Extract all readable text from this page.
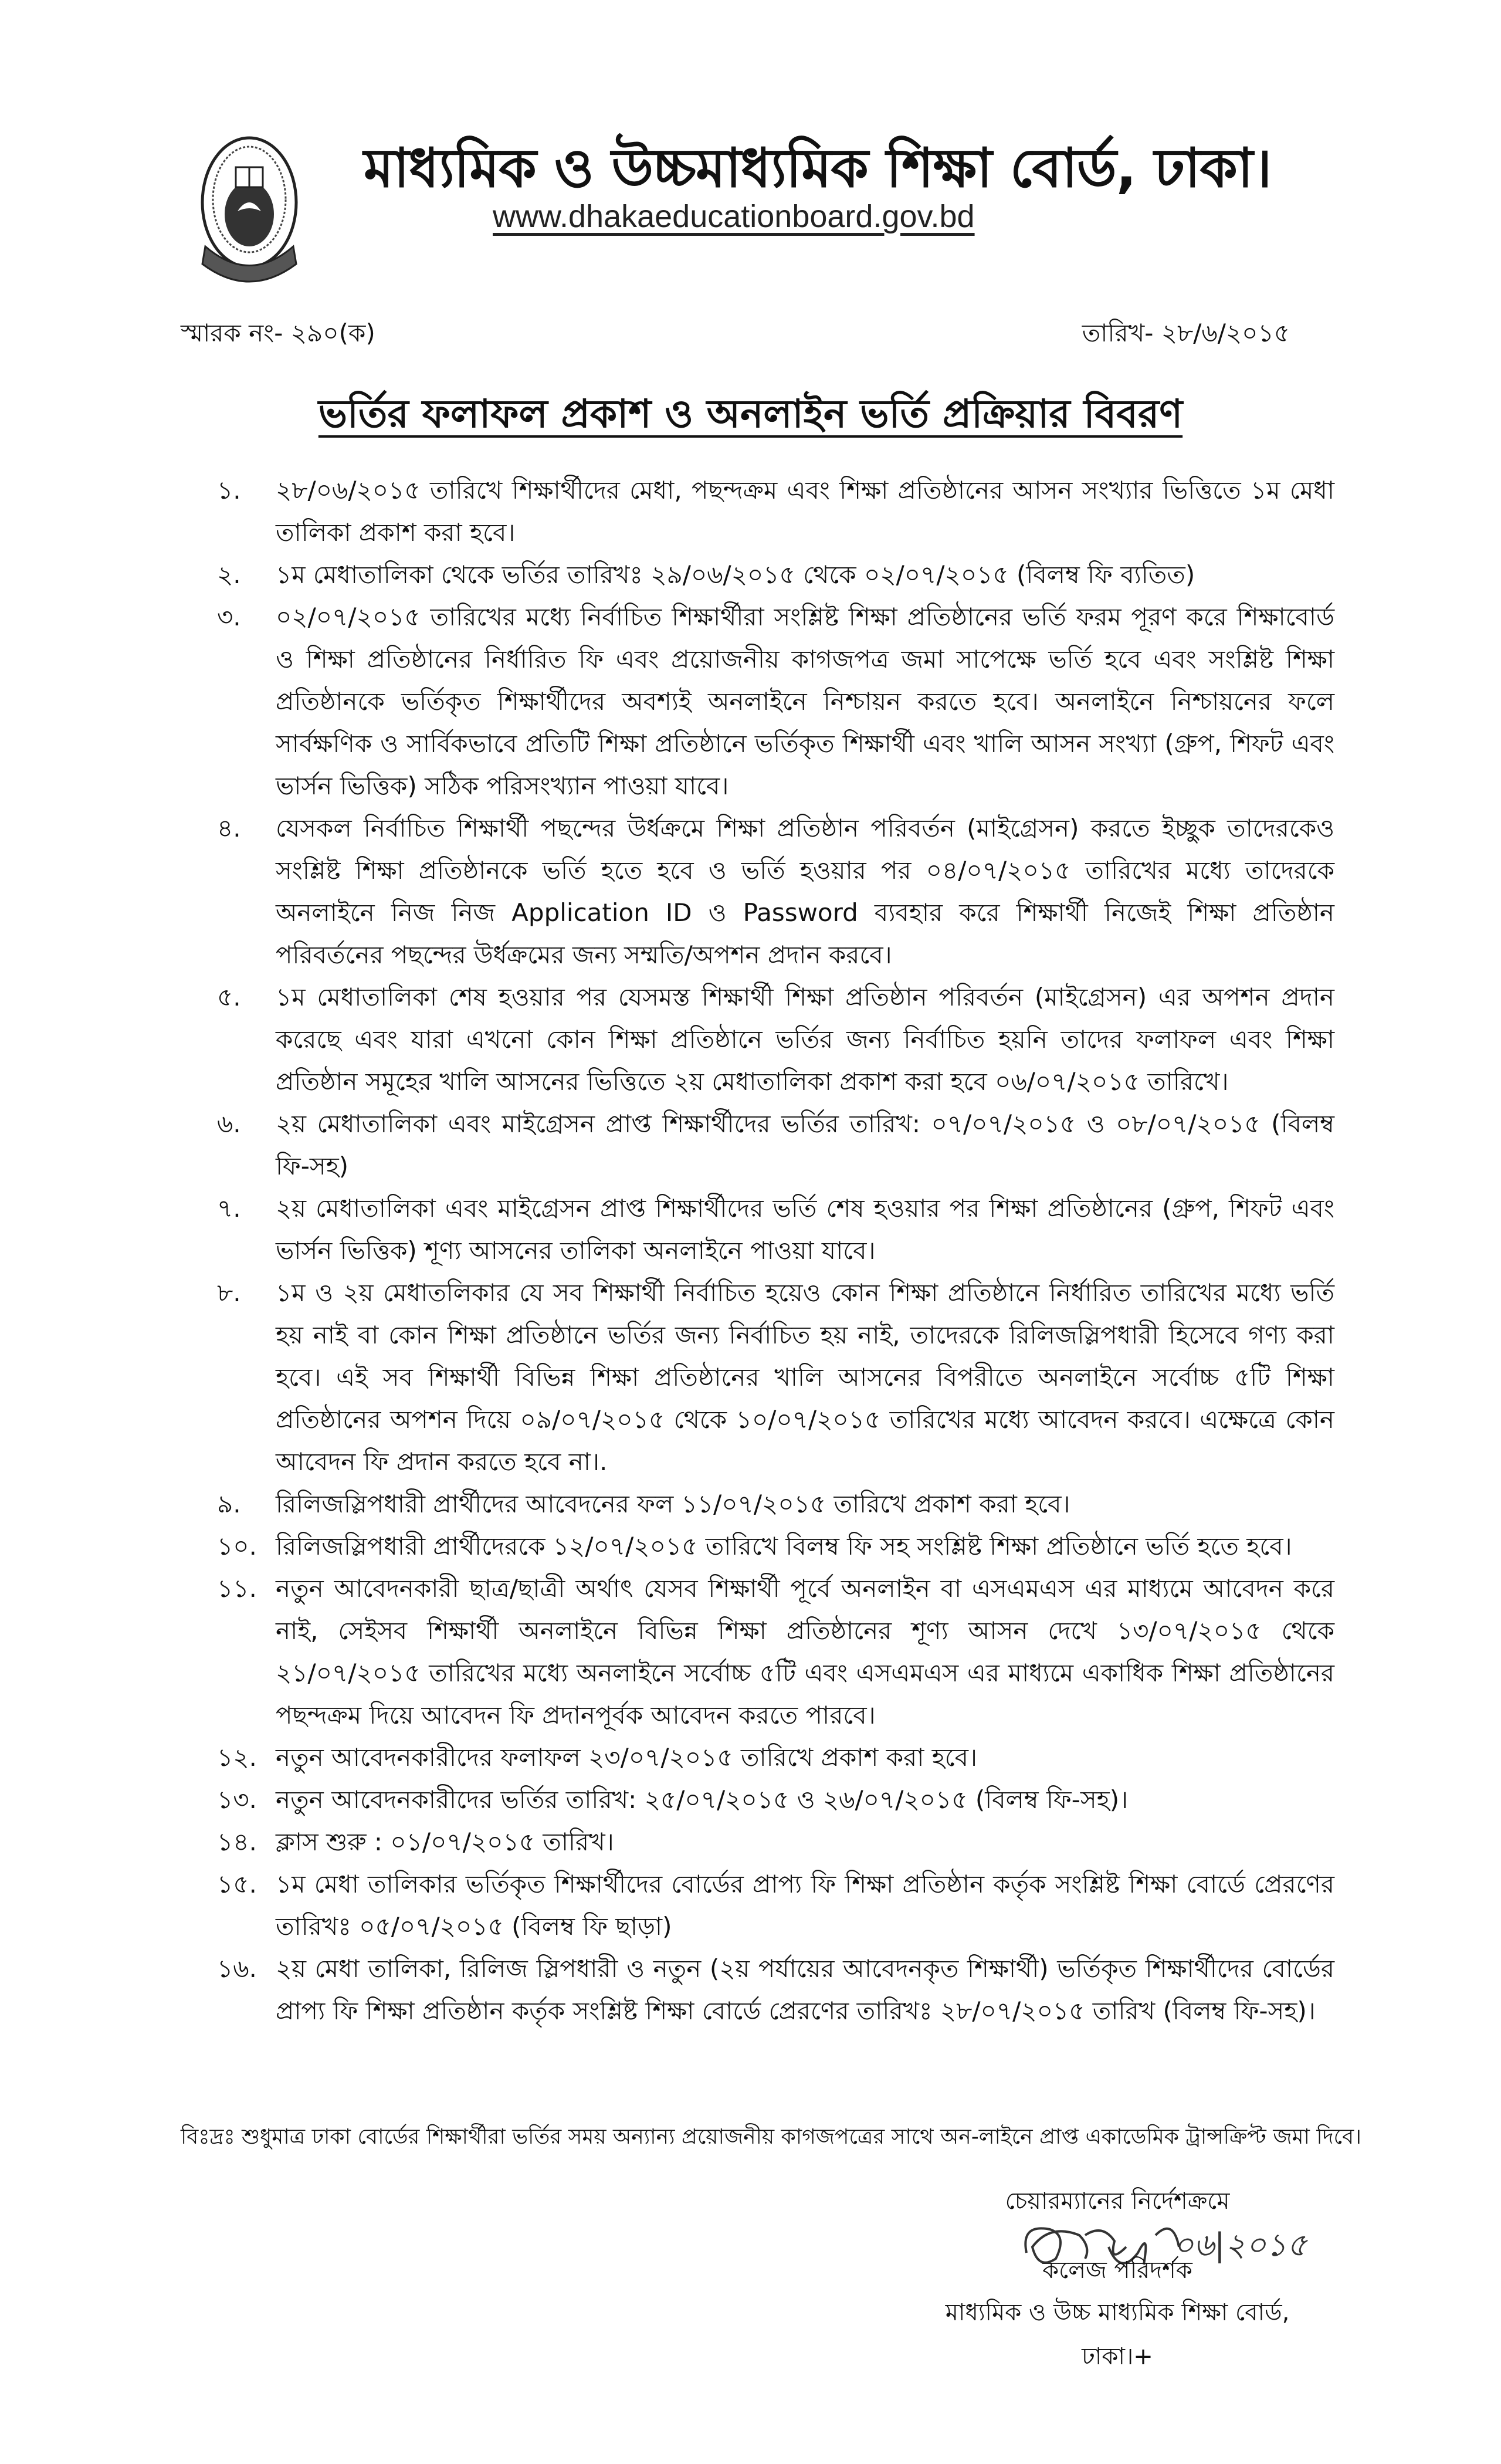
মাধ্যমিক ও উচ্চমাধ্যমিক শিক্ষা বোর্ড, ঢাকা।
www.dhakaeducationboard.gov.bd
স্মারক নং- ২৯০(ক)	তারিখ- ২৮/৬/২০১৫
ভর্তির ফলাফল প্রকাশ ও অনলাইন ভর্তি প্রক্রিয়ার বিবরণ
১.	২৮/০৬/২০১৫ তারিখে শিক্ষার্থীদের মেধা, পছন্দক্রম এবং শিক্ষা প্রতিষ্ঠানের আসন সংখ্যার ভিত্তিতে ১ম মেধা তালিকা প্রকাশ করা হবে।
২.	১ম মেধাতালিকা থেকে ভর্তির তারিখঃ ২৯/০৬/২০১৫ থেকে ০২/০৭/২০১৫ (বিলম্ব ফি ব্যতিত)
৩.	০২/০৭/২০১৫ তারিখের মধ্যে নির্বাচিত শিক্ষার্থীরা সংশ্লিষ্ট শিক্ষা প্রতিষ্ঠানের ভর্তি ফরম পূরণ করে শিক্ষাবোর্ড ও শিক্ষা প্রতিষ্ঠানের নির্ধারিত ফি এবং প্রয়োজনীয় কাগজপত্র জমা সাপেক্ষে ভর্তি হবে এবং সংশ্লিষ্ট শিক্ষা প্রতিষ্ঠানকে ভর্তিকৃত শিক্ষার্থীদের অবশ্যই অনলাইনে নিশ্চায়ন করতে হবে। অনলাইনে নিশ্চায়নের ফলে সার্বক্ষণিক ও সার্বিকভাবে প্রতিটি শিক্ষা প্রতিষ্ঠানে ভর্তিকৃত শিক্ষার্থী এবং খালি আসন সংখ্যা (গ্রুপ, শিফট এবং ভার্সন ভিত্তিক) সঠিক পরিসংখ্যান পাওয়া যাবে।
৪.	যেসকল নির্বাচিত শিক্ষার্থী পছন্দের উর্ধক্রমে শিক্ষা প্রতিষ্ঠান পরিবর্তন (মাইগ্রেসন) করতে ইচ্ছুক তাদেরকেও সংশ্লিষ্ট শিক্ষা প্রতিষ্ঠানকে ভর্তি হতে হবে ও ভর্তি হওয়ার পর ০৪/০৭/২০১৫ তারিখের মধ্যে তাদেরকে অনলাইনে নিজ নিজ Application ID ও Password ব্যবহার করে শিক্ষার্থী নিজেই শিক্ষা প্রতিষ্ঠান পরিবর্তনের পছন্দের উর্ধক্রমের জন্য সম্মতি/অপশন প্রদান করবে।
৫.	১ম মেধাতালিকা শেষ হওয়ার পর যেসমস্ত শিক্ষার্থী শিক্ষা প্রতিষ্ঠান পরিবর্তন (মাইগ্রেসন) এর অপশন প্রদান করেছে এবং যারা এখনো কোন শিক্ষা প্রতিষ্ঠানে ভর্তির জন্য নির্বাচিত হয়নি তাদের ফলাফল এবং শিক্ষা প্রতিষ্ঠান সমূহের খালি আসনের ভিত্তিতে ২য় মেধাতালিকা প্রকাশ করা হবে ০৬/০৭/২০১৫ তারিখে।
৬.	২য় মেধাতালিকা এবং মাইগ্রেসন প্রাপ্ত শিক্ষার্থীদের ভর্তির তারিখ: ০৭/০৭/২০১৫ ও ০৮/০৭/২০১৫ (বিলম্ব ফি-সহ)
৭.	২য় মেধাতালিকা এবং মাইগ্রেসন প্রাপ্ত শিক্ষার্থীদের ভর্তি শেষ হওয়ার পর শিক্ষা প্রতিষ্ঠানের (গ্রুপ, শিফট এবং ভার্সন ভিত্তিক) শূণ্য আসনের তালিকা অনলাইনে পাওয়া যাবে।
৮.	১ম ও ২য় মেধাতলিকার যে সব শিক্ষার্থী নির্বাচিত হয়েও কোন শিক্ষা প্রতিষ্ঠানে নির্ধারিত তারিখের মধ্যে ভর্তি হয় নাই বা কোন শিক্ষা প্রতিষ্ঠানে ভর্তির জন্য নির্বাচিত হয় নাই, তাদেরকে রিলিজস্লিপধারী হিসেবে গণ্য করা হবে। এই সব শিক্ষার্থী বিভিন্ন শিক্ষা প্রতিষ্ঠানের খালি আসনের বিপরীতে অনলাইনে সর্বোচ্চ ৫টি শিক্ষা প্রতিষ্ঠানের অপশন দিয়ে ০৯/০৭/২০১৫ থেকে ১০/০৭/২০১৫ তারিখের মধ্যে আবেদন করবে। এক্ষেত্রে কোন আবেদন ফি প্রদান করতে হবে না।.
৯.	রিলিজস্লিপধারী প্রার্থীদের আবেদনের ফল ১১/০৭/২০১৫ তারিখে প্রকাশ করা হবে।
১০. রিলিজস্লিপধারী প্রার্থীদেরকে ১২/০৭/২০১৫ তারিখে বিলম্ব ফি সহ সংশ্লিষ্ট শিক্ষা প্রতিষ্ঠানে ভর্তি হতে হবে।
১১. নতুন আবেদনকারী ছাত্র/ছাত্রী অর্থাৎ যেসব শিক্ষার্থী পূর্বে অনলাইন বা এসএমএস এর মাধ্যমে আবেদন করে নাই, সেইসব শিক্ষার্থী অনলাইনে বিভিন্ন শিক্ষা প্রতিষ্ঠানের শূণ্য আসন দেখে ১৩/০৭/২০১৫ থেকে ২১/০৭/২০১৫ তারিখের মধ্যে অনলাইনে সর্বোচ্চ ৫টি এবং এসএমএস এর মাধ্যমে একাধিক শিক্ষা প্রতিষ্ঠানের পছন্দক্রম দিয়ে আবেদন ফি প্রদানপূর্বক আবেদন করতে পারবে।
১২. নতুন আবেদনকারীদের ফলাফল ২৩/০৭/২০১৫ তারিখে প্রকাশ করা হবে।
১৩. নতুন আবেদনকারীদের ভর্তির তারিখ: ২৫/০৭/২০১৫ ও ২৬/০৭/২০১৫ (বিলম্ব ফি-সহ)।
১৪. ক্লাস শুরু : ০১/০৭/২০১৫ তারিখ।
১৫. ১ম মেধা তালিকার ভর্তিকৃত শিক্ষার্থীদের বোর্ডের প্রাপ্য ফি শিক্ষা প্রতিষ্ঠান কর্তৃক সংশ্লিষ্ট শিক্ষা বোর্ডে প্রেরণের তারিখঃ ০৫/০৭/২০১৫ (বিলম্ব ফি ছাড়া)
১৬. ২য় মেধা তালিকা, রিলিজ স্লিপধারী ও নতুন (২য় পর্যায়ের আবেদনকৃত শিক্ষার্থী) ভর্তিকৃত শিক্ষার্থীদের বোর্ডের প্রাপ্য ফি শিক্ষা প্রতিষ্ঠান কর্তৃক সংশ্লিষ্ট শিক্ষা বোর্ডে প্রেরণের তারিখঃ ২৮/০৭/২০১৫ তারিখ (বিলম্ব ফি-সহ)।
বিঃদ্রঃ শুধুমাত্র ঢাকা বোর্ডের শিক্ষার্থীরা ভর্তির সময় অন্যান্য প্রয়োজনীয় কাগজপত্রের সাথে অন-লাইনে প্রাপ্ত একাডেমিক ট্রান্সক্রিপ্ট জমা দিবে।
চেয়ারম্যানের নির্দেশক্রমে
০৬|২০১৫
কলেজ পরিদর্শক
মাধ্যমিক ও উচ্চ মাধ্যমিক শিক্ষা বোর্ড,
ঢাকা।+
